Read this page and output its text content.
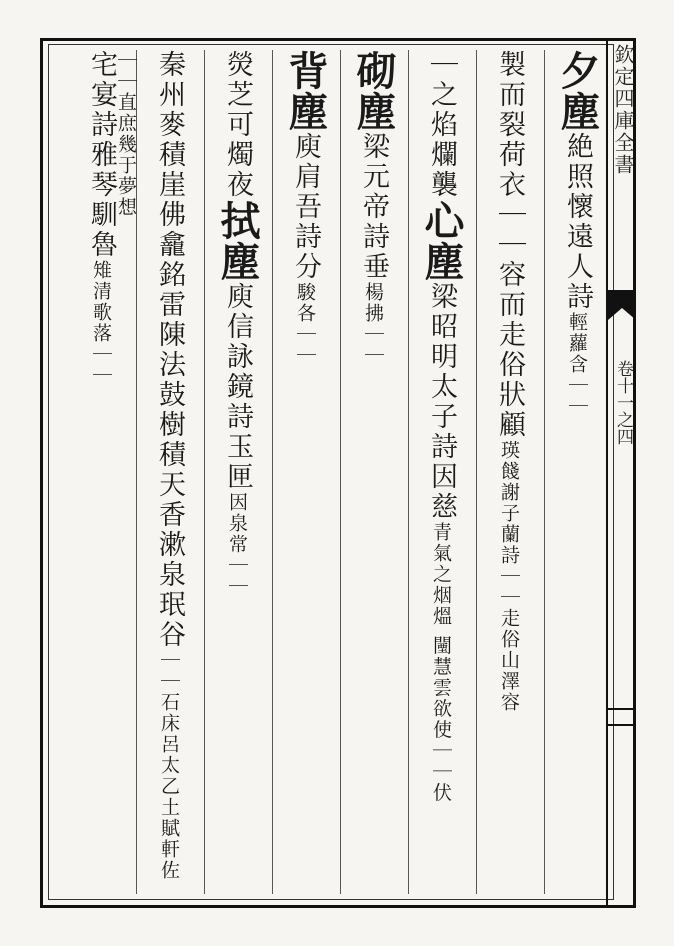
欽定四庫全書
卷十一之四
夕塵絶照懷遠人詩輕蘿含｜｜
製而裂荷衣｜｜容而走俗狀顧瑛餞謝子蘭詩｜｜走俗山澤容
｜之焰爛襲心塵梁昭明太子詩因慈青氣之烟熅 闉慧雲欲使｜｜伏
砌塵梁元帝詩垂楊拂｜｜
背塵庾肩吾詩分駿各｜｜
熒芝可燭夜拭塵庾信詠鏡詩玉匣因泉常｜｜
秦州麥積崖佛龕銘雷陳法鼓樹積天香漱泉珉谷｜｜石床呂太乙土賦軒佐｜｜直庶幾于夢想
宅宴詩雅琴馴魯雉清歌落｜｜
